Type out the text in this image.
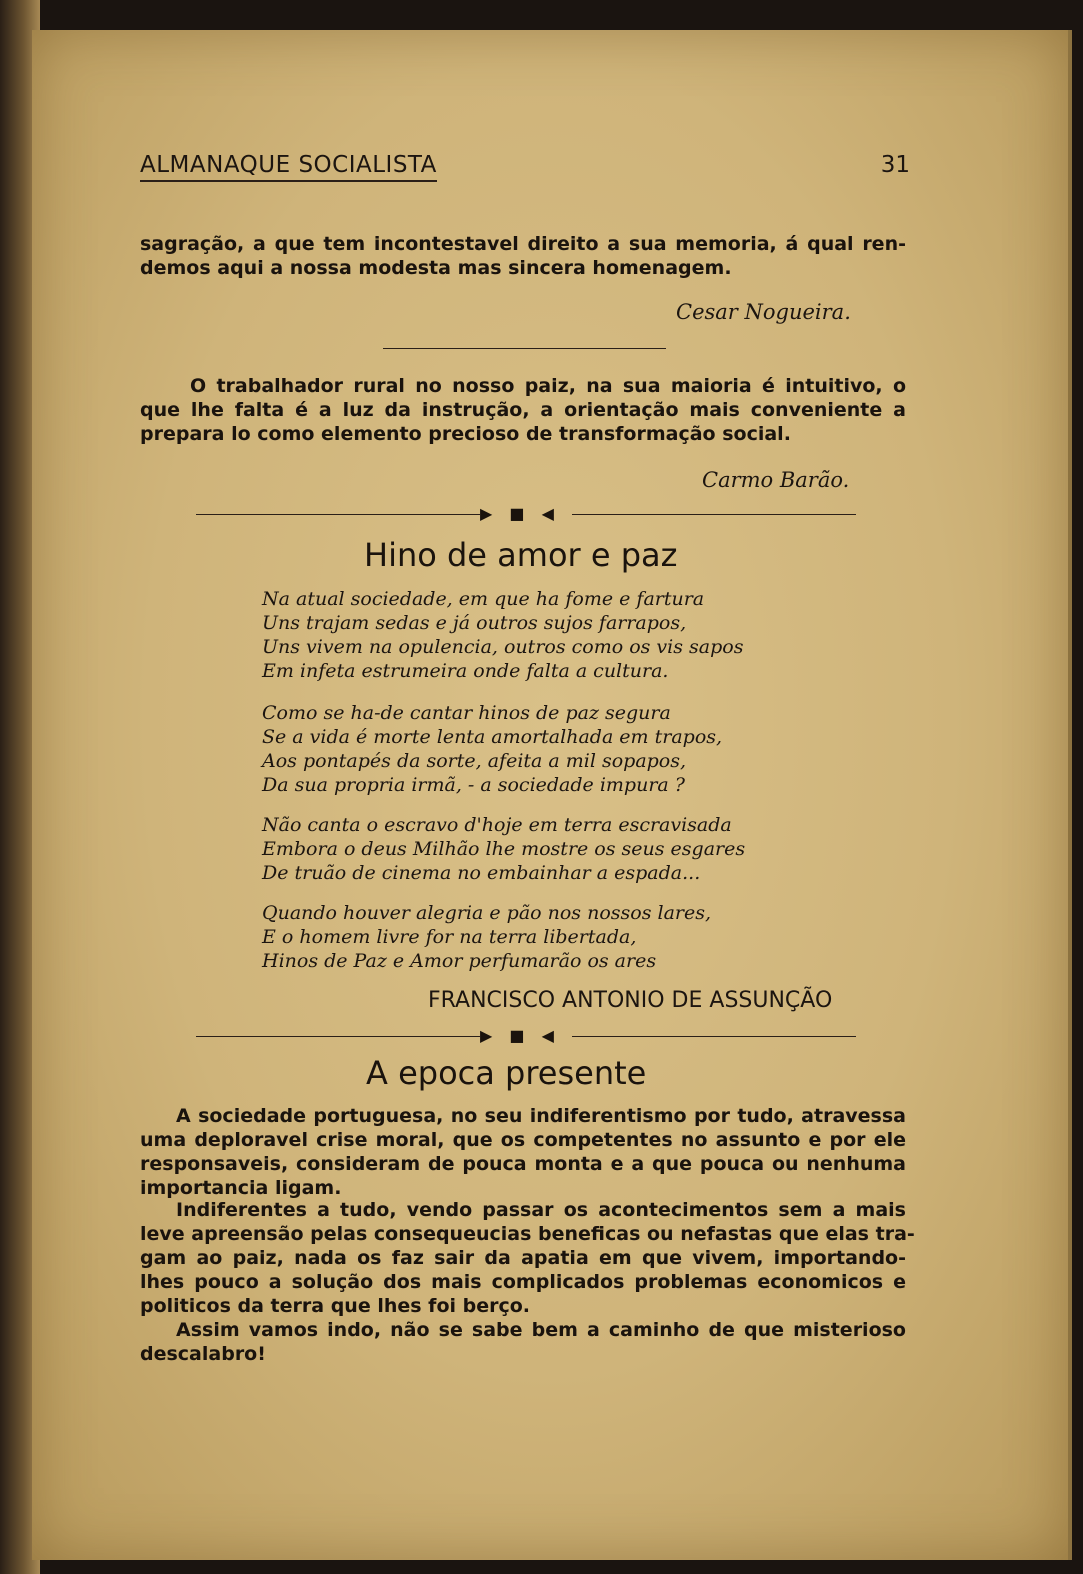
ALMANAQUE SOCIALISTA	31
sagração, a que tem incontestavel direito a sua memoria, á qual ren-
demos aqui a nossa modesta mas sincera homenagem.
Cesar Nogueira.
O trabalhador rural no nosso paiz, na sua maioria é intuitivo, o
que lhe falta é a luz da instrução, a orientação mais conveniente a
prepara lo como elemento precioso de transformação social.
Carmo Barão.
▶ ■ ◀
Hino de amor e paz
Na atual sociedade, em que ha fome e fartura
Uns trajam sedas e já outros sujos farrapos,
Uns vivem na opulencia, outros como os vis sapos
Em infeta estrumeira onde falta a cultura.
Como se ha-de cantar hinos de paz segura
Se a vida é morte lenta amortalhada em trapos,
Aos pontapés da sorte, afeita a mil sopapos,
Da sua propria irmã, - a sociedade impura ?
Não canta o escravo d'hoje em terra escravisada
Embora o deus Milhão lhe mostre os seus esgares
De truão de cinema no embainhar a espada...
Quando houver alegria e pão nos nossos lares,
E o homem livre for na terra libertada,
Hinos de Paz e Amor perfumarão os ares
FRANCISCO ANTONIO DE ASSUNÇÃO
▶ ■ ◀
A epoca presente
A sociedade portuguesa, no seu indiferentismo por tudo, atravessa
uma deploravel crise moral, que os competentes no assunto e por ele
responsaveis, consideram de pouca monta e a que pouca ou nenhuma
importancia ligam.
Indiferentes a tudo, vendo passar os acontecimentos sem a mais
leve apreensão pelas consequeucias beneficas ou nefastas que elas tra-
gam ao paiz, nada os faz sair da apatia em que vivem, importando-
lhes pouco a solução dos mais complicados problemas economicos e
politicos da terra que lhes foi berço.
Assim vamos indo, não se sabe bem a caminho de que misterioso
descalabro!
